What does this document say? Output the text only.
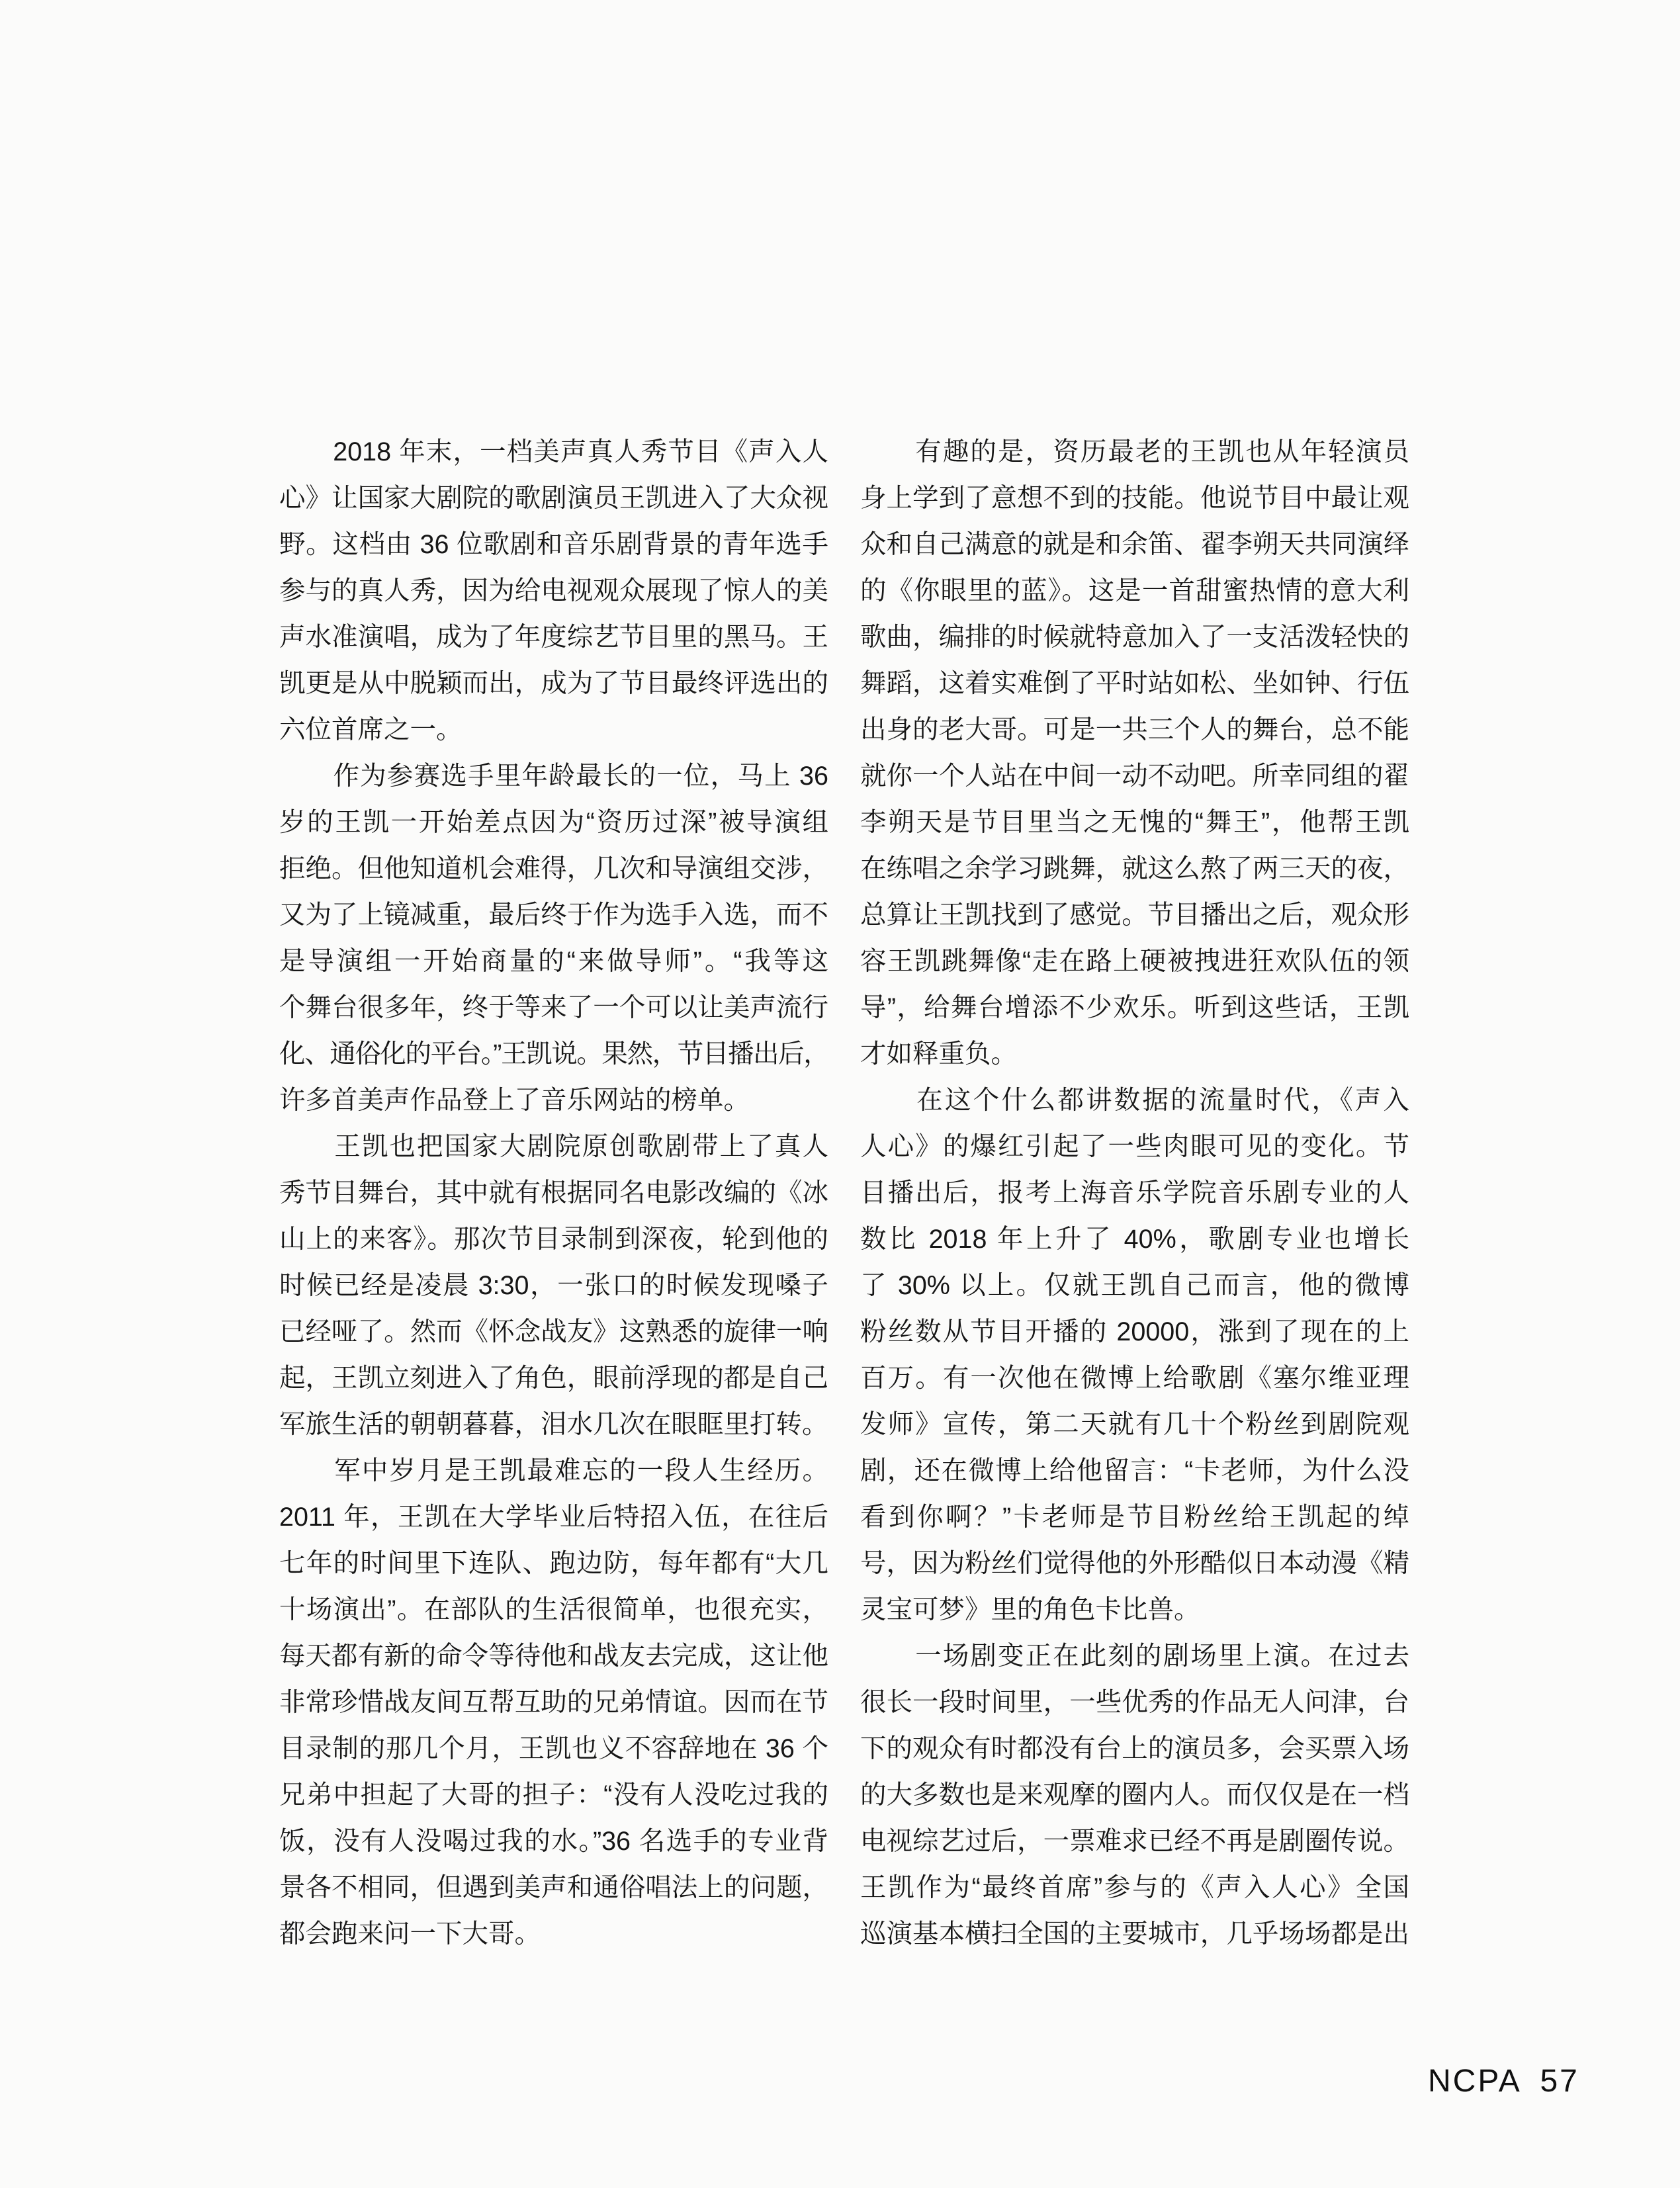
　　2018 年末，一档美声真人秀节目《声入人
心》让国家大剧院的歌剧演员王凯进入了大众视
野。这档由 36 位歌剧和音乐剧背景的青年选手
参与的真人秀，因为给电视观众展现了惊人的美
声水准演唱，成为了年度综艺节目里的黑马。王
凯更是从中脱颖而出，成为了节目最终评选出的
六位首席之一。
　　作为参赛选手里年龄最长的一位，马上 36
岁的王凯一开始差点因为“资历过深”被导演组
拒绝。但他知道机会难得，几次和导演组交涉，
又为了上镜减重，最后终于作为选手入选，而不
是导演组一开始商量的“来做导师”。“我等这
个舞台很多年，终于等来了一个可以让美声流行
化、通俗化的平台。”王凯说。果然，节目播出后，
许多首美声作品登上了音乐网站的榜单。
　　王凯也把国家大剧院原创歌剧带上了真人
秀节目舞台，其中就有根据同名电影改编的《冰
山上的来客》。那次节目录制到深夜，轮到他的
时候已经是凌晨 3:30，一张口的时候发现嗓子
已经哑了。然而《怀念战友》这熟悉的旋律一响
起，王凯立刻进入了角色，眼前浮现的都是自己
军旅生活的朝朝暮暮，泪水几次在眼眶里打转。
　　军中岁月是王凯最难忘的一段人生经历。
2011 年，王凯在大学毕业后特招入伍，在往后
七年的时间里下连队、跑边防，每年都有“大几
十场演出”。在部队的生活很简单，也很充实，
每天都有新的命令等待他和战友去完成，这让他
非常珍惜战友间互帮互助的兄弟情谊。因而在节
目录制的那几个月，王凯也义不容辞地在 36 个
兄弟中担起了大哥的担子：“没有人没吃过我的
饭，没有人没喝过我的水。”36 名选手的专业背
景各不相同，但遇到美声和通俗唱法上的问题，
都会跑来问一下大哥。
　　有趣的是，资历最老的王凯也从年轻演员
身上学到了意想不到的技能。他说节目中最让观
众和自己满意的就是和余笛、翟李朔天共同演绎
的《你眼里的蓝》。这是一首甜蜜热情的意大利
歌曲，编排的时候就特意加入了一支活泼轻快的
舞蹈，这着实难倒了平时站如松、坐如钟、行伍
出身的老大哥。可是一共三个人的舞台，总不能
就你一个人站在中间一动不动吧。所幸同组的翟
李朔天是节目里当之无愧的“舞王”，他帮王凯
在练唱之余学习跳舞，就这么熬了两三天的夜，
总算让王凯找到了感觉。节目播出之后，观众形
容王凯跳舞像“走在路上硬被拽进狂欢队伍的领
导”，给舞台增添不少欢乐。听到这些话，王凯
才如释重负。
　　在这个什么都讲数据的流量时代，《声入
人心》的爆红引起了一些肉眼可见的变化。节
目播出后，报考上海音乐学院音乐剧专业的人
数比 2018 年上升了 40%，歌剧专业也增长
了 30% 以上。仅就王凯自己而言，他的微博
粉丝数从节目开播的 20000，涨到了现在的上
百万。有一次他在微博上给歌剧《塞尔维亚理
发师》宣传，第二天就有几十个粉丝到剧院观
剧，还在微博上给他留言：“卡老师，为什么没
看到你啊？”卡老师是节目粉丝给王凯起的绰
号，因为粉丝们觉得他的外形酷似日本动漫《精
灵宝可梦》里的角色卡比兽。
　　一场剧变正在此刻的剧场里上演。在过去
很长一段时间里，一些优秀的作品无人问津，台
下的观众有时都没有台上的演员多，会买票入场
的大多数也是来观摩的圈内人。而仅仅是在一档
电视综艺过后，一票难求已经不再是剧圈传说。
王凯作为“最终首席”参与的《声入人心》全国
巡演基本横扫全国的主要城市，几乎场场都是出
NCPA 57
